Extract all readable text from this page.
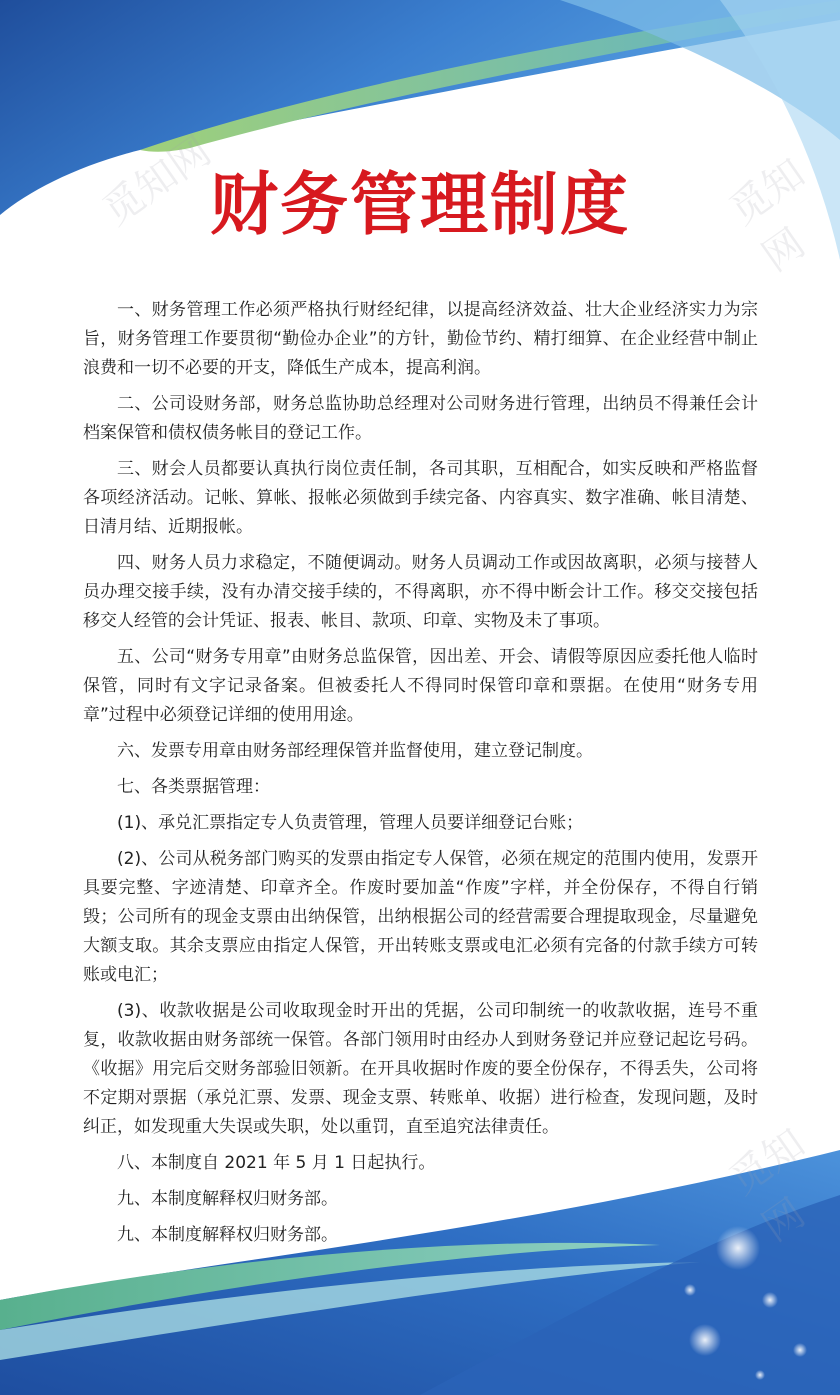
觅知网	觅知网
觅知网
财务管理制度

一、财务管理工作必须严格执行财经纪律，以提高经济效益、壮大企业经济实力为宗旨，财务管理工作要贯彻“勤俭办企业”的方针，勤俭节约、精打细算、在企业经营中制止浪费和一切不必要的开支，降低生产成本，提高利润。

二、公司设财务部，财务总监协助总经理对公司财务进行管理，出纳员不得兼任会计档案保管和债权债务帐目的登记工作。

三、财会人员都要认真执行岗位责任制，各司其职，互相配合，如实反映和严格监督各项经济活动。记帐、算帐、报帐必须做到手续完备、内容真实、数字准确、帐目清楚、日清月结、近期报帐。

四、财务人员力求稳定，不随便调动。财务人员调动工作或因故离职，必须与接替人员办理交接手续，没有办清交接手续的，不得离职，亦不得中断会计工作。移交交接包括移交人经管的会计凭证、报表、帐目、款项、印章、实物及未了事项。

五、公司“财务专用章”由财务总监保管，因出差、开会、请假等原因应委托他人临时保管，同时有文字记录备案。但被委托人不得同时保管印章和票据。在使用“财务专用章”过程中必须登记详细的使用用途。

六、发票专用章由财务部经理保管并监督使用，建立登记制度。

七、各类票据管理：

(1)、承兑汇票指定专人负责管理，管理人员要详细登记台账；

(2)、公司从税务部门购买的发票由指定专人保管，必须在规定的范围内使用，发票开具要完整、字迹清楚、印章齐全。作废时要加盖“作废”字样，并全份保存，不得自行销毁；公司所有的现金支票由出纳保管，出纳根据公司的经营需要合理提取现金，尽量避免大额支取。其余支票应由指定人保管，开出转账支票或电汇必须有完备的付款手续方可转账或电汇；

(3)、收款收据是公司收取现金时开出的凭据，公司印制统一的收款收据，连号不重复，收款收据由财务部统一保管。各部门领用时由经办人到财务登记并应登记起讫号码。《收据》用完后交财务部验旧领新。在开具收据时作废的要全份保存，不得丢失，公司将不定期对票据（承兑汇票、发票、现金支票、转账单、收据）进行检查，发现问题，及时纠正，如发现重大失误或失职，处以重罚，直至追究法律责任。

八、本制度自 2021 年 5 月 1 日起执行。

九、本制度解释权归财务部。

九、本制度解释权归财务部。
